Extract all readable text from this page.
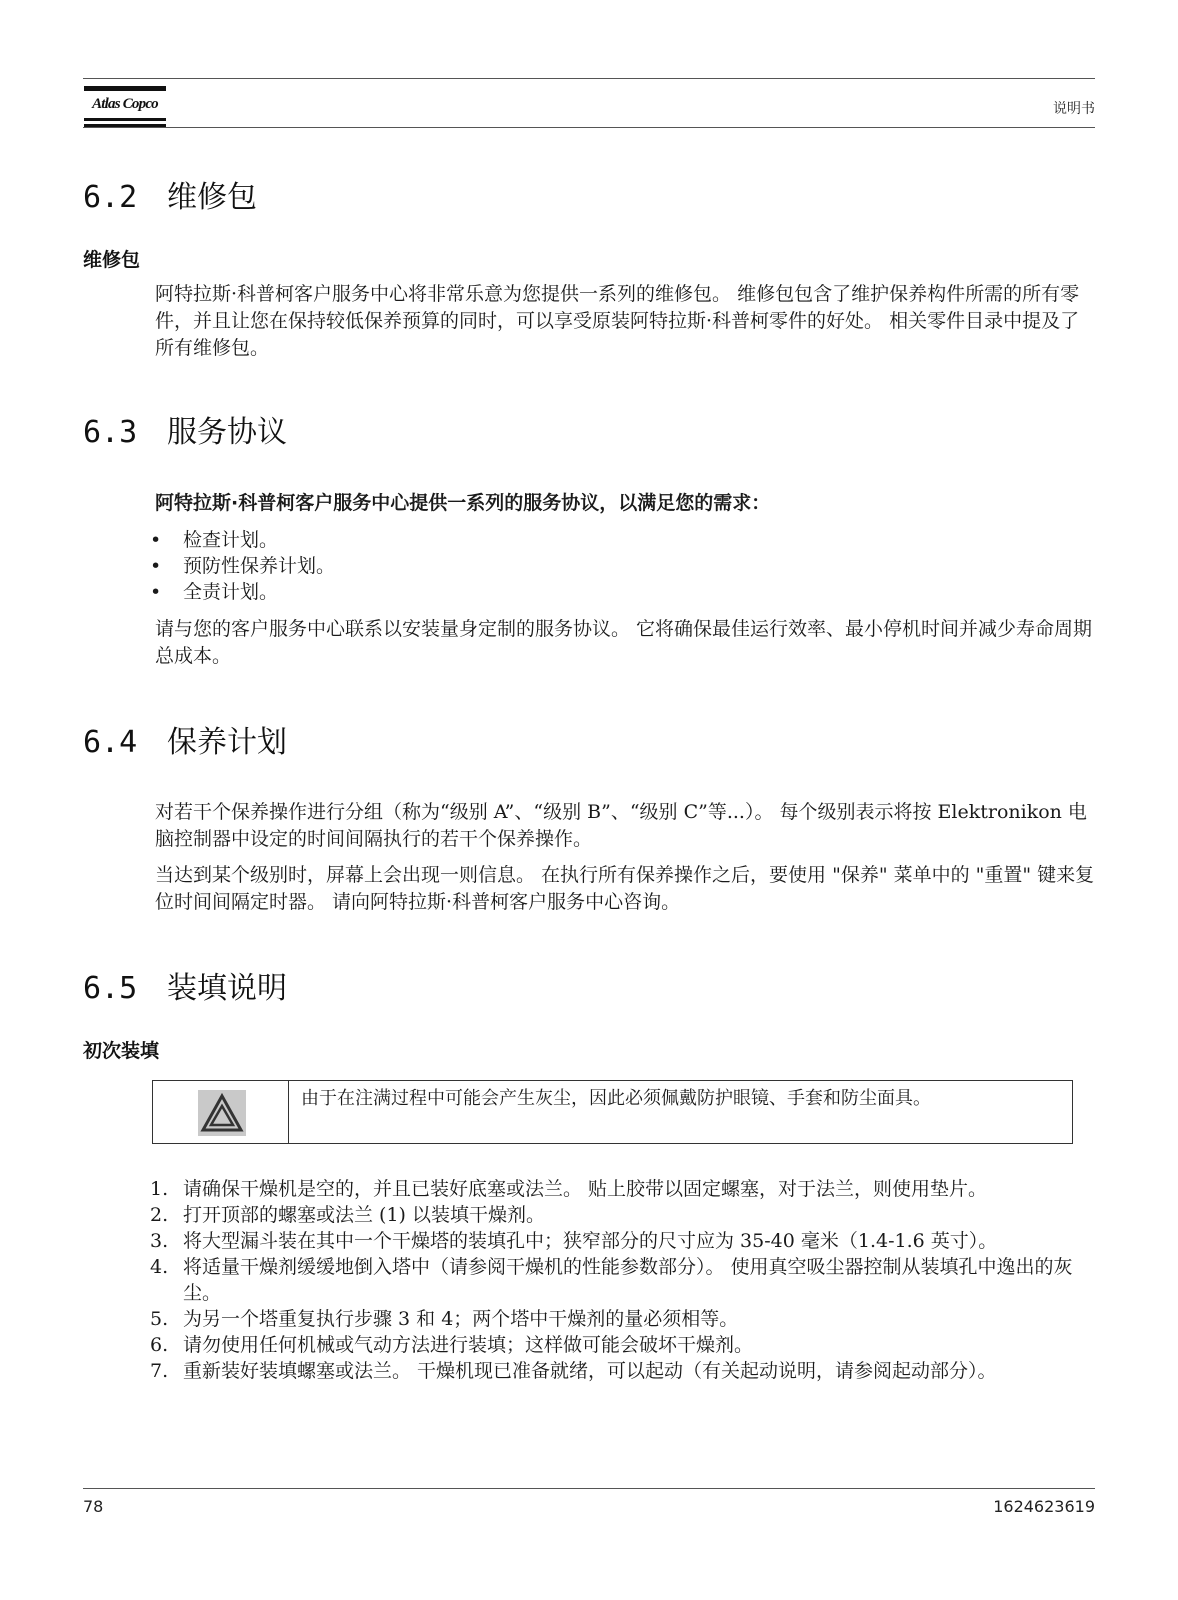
Atlas Copco	说明书
6.2 维修包
维修包

阿特拉斯·科普柯客户服务中心将非常乐意为您提供一系列的维修包。 维修包包含了维护保养构件所需的所有零件，并且让您在保持较低保养预算的同时，可以享受原装阿特拉斯·科普柯零件的好处。 相关零件目录中提及了所有维修包。

6.3 服务协议

阿特拉斯·科普柯客户服务中心提供一系列的服务协议，以满足您的需求：

•	检查计划。
•	预防性保养计划。
•	全责计划。

请与您的客户服务中心联系以安装量身定制的服务协议。 它将确保最佳运行效率、最小停机时间并减少寿命周期总成本。

6.4 保养计划

对若干个保养操作进行分组（称为“级别 A”、“级别 B”、“级别 C”等...）。 每个级别表示将按 Elektronikon 电脑控制器中设定的时间间隔执行的若干个保养操作。

当达到某个级别时，屏幕上会出现一则信息。 在执行所有保养操作之后，要使用 "保养" 菜单中的 "重置" 键来复位时间间隔定时器。 请向阿特拉斯·科普柯客户服务中心咨询。

6.5 装填说明
初次装填
由于在注满过程中可能会产生灰尘，因此必须佩戴防护眼镜、手套和防尘面具。
1. 请确保干燥机是空的，并且已装好底塞或法兰。 贴上胶带以固定螺塞，对于法兰，则使用垫片。
2. 打开顶部的螺塞或法兰 (1) 以装填干燥剂。
3. 将大型漏斗装在其中一个干燥塔的装填孔中；狭窄部分的尺寸应为 35-40 毫米（1.4-1.6 英寸）。
4. 将适量干燥剂缓缓地倒入塔中（请参阅干燥机的性能参数部分）。 使用真空吸尘器控制从装填孔中逸出的灰尘。
5. 为另一个塔重复执行步骤 3 和 4；两个塔中干燥剂的量必须相等。
6. 请勿使用任何机械或气动方法进行装填；这样做可能会破坏干燥剂。
7. 重新装好装填螺塞或法兰。 干燥机现已准备就绪，可以起动（有关起动说明，请参阅起动部分）。
78	1624623619
